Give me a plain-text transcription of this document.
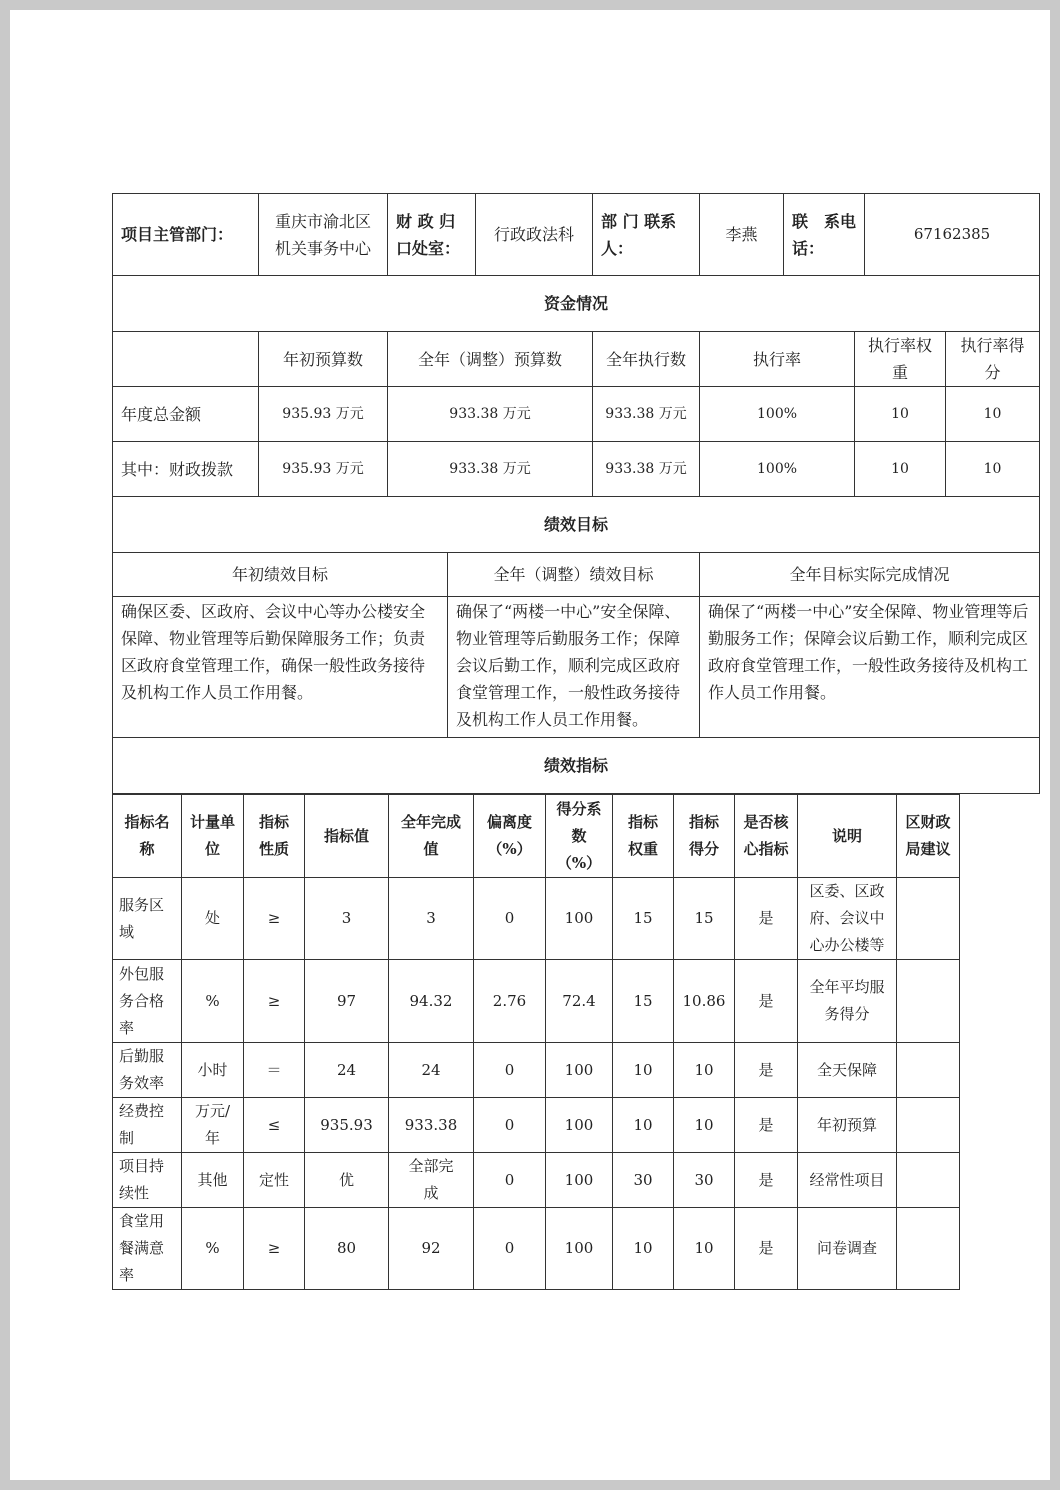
项目主管部门：	重庆市渝北区机关事务中心	财 政 归口处室：		行政政法科	部 门 联系人：	李燕	联　系电话：		67162385	
资金情况										
	年初预算数	全年（调整）预算数			全年执行数	执行率		执行率权重		执行率得分
年度总金额	935.93 万元	933.38 万元			933.38 万元	100%		10		10
其中：财政拨款	935.93 万元	933.38 万元			933.38 万元	100%		10		10
绩效目标										
年初绩效目标			全年（调整）绩效目标			全年目标实际完成情况				
确保区委、区政府、会议中心等办公楼安全保障、物业管理等后勤保障服务工作；负责区政府食堂管理工作，确保一般性政务接待及机构工作人员工作用餐。			确保了“两楼一中心”安全保障、物业管理等后勤服务工作；保障会议后勤工作，顺利完成区政府食堂管理工作，一般性政务接待及机构工作人员工作用餐。			确保了“两楼一中心”安全保障、物业管理等后勤服务工作；保障会议后勤工作，顺利完成区政府食堂管理工作，一般性政务接待及机构工作人员工作用餐。				
绩效指标										
指标名称	计量单位	指标性质	指标值	全年完成值	偏离度（%）	得分系数（%）	指标权重	指标得分	是否核心指标	说明	区财政局建议
服务区域	处	≥	3	3	0	100	15	15	是	区委、区政府、会议中心办公楼等	
外包服务合格率	%	≥	97	94.32	2.76	72.4	15	10.86	是	全年平均服务得分	
后勤服务效率	小时	＝	24	24	0	100	10	10	是	全天保障	
经费控制	万元/年	≤	935.93	933.38	0	100	10	10	是	年初预算	
项目持续性	其他	定性	优	全部完成	0	100	30	30	是	经常性项目	
食堂用餐满意率	%	≥	80	92	0	100	10	10	是	问卷调查	
